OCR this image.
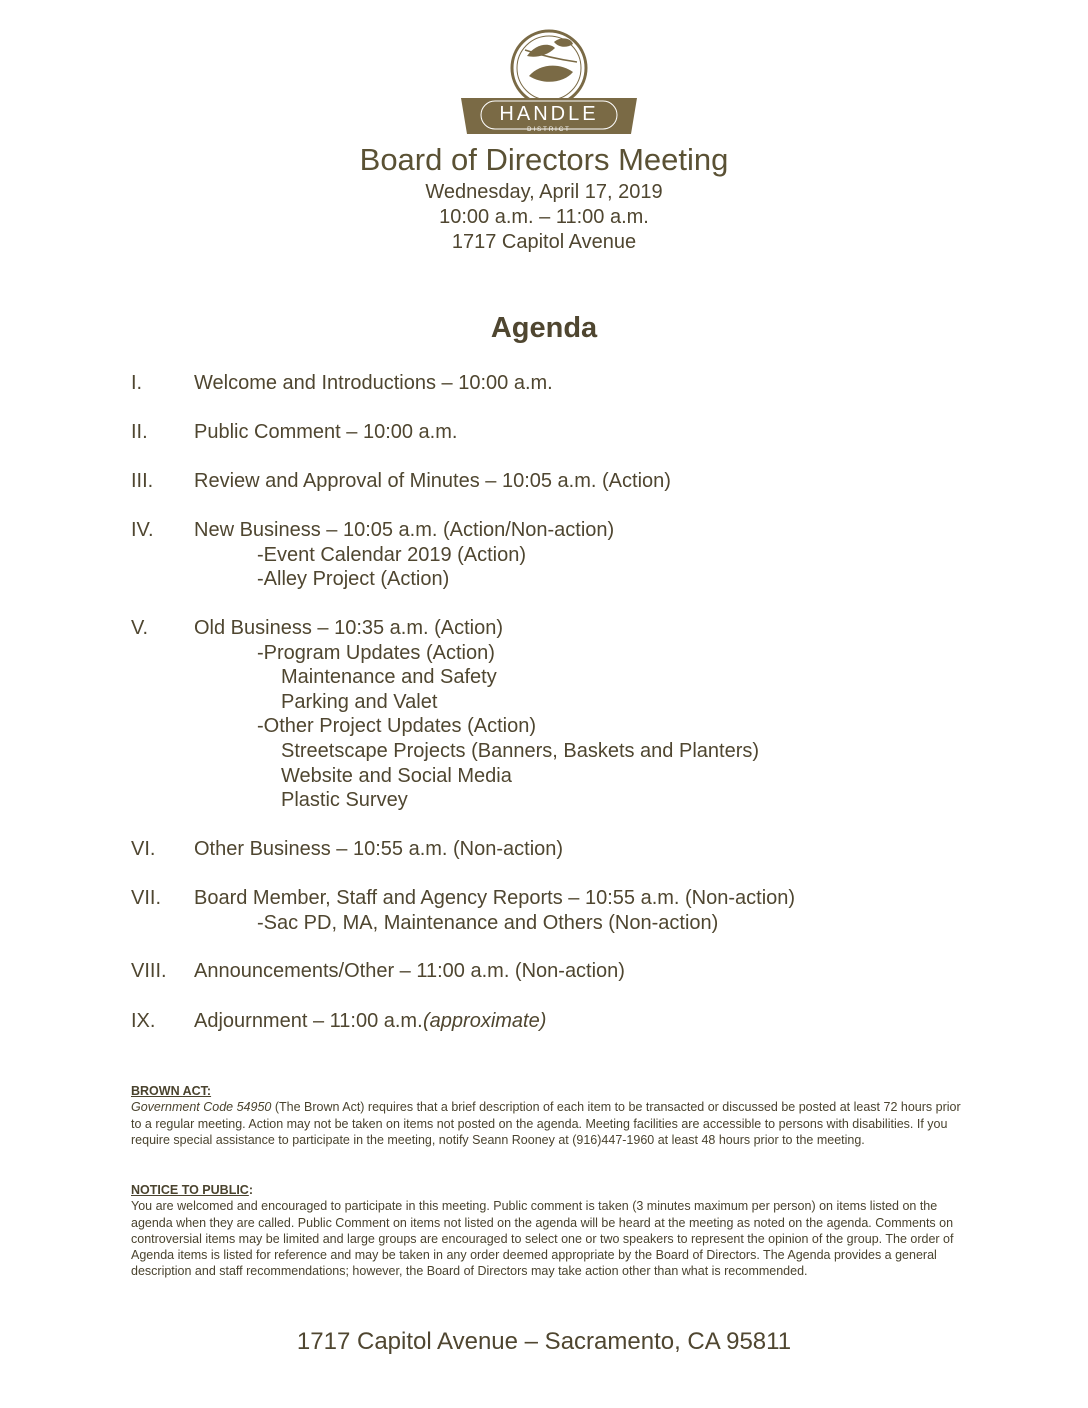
HANDLE
DISTRICT
Board of Directors Meeting
Wednesday, April 17, 2019
10:00 a.m. – 11:00 a.m.
1717 Capitol Avenue
Agenda
I.	Welcome and Introductions – 10:00 a.m.
II. Public Comment – 10:00 a.m.
III. Review and Approval of Minutes – 10:05 a.m. (Action)
IV. New Business – 10:05 a.m. (Action/Non-action)
-Event Calendar 2019 (Action)
-Alley Project (Action)
V. Old Business – 10:35 a.m. (Action)
-Program Updates (Action)
Maintenance and Safety
Parking and Valet
-Other Project Updates (Action)
Streetscape Projects (Banners, Baskets and Planters)
Website and Social Media
Plastic Survey
VI. Other Business – 10:55 a.m. (Non-action)
VII. Board Member, Staff and Agency Reports – 10:55 a.m. (Non-action)
-Sac PD, MA, Maintenance and Others (Non-action)
VIII. Announcements/Other – 11:00 a.m. (Non-action)
IX. Adjournment – 11:00 a.m. (approximate)
BROWN ACT:
Government Code 54950 (The Brown Act) requires that a brief description of each item to be transacted or discussed be posted at least 72 hours prior to a regular meeting. Action may not be taken on items not posted on the agenda. Meeting facilities are accessible to persons with disabilities. If you require special assistance to participate in the meeting, notify Seann Rooney at (916)447-1960 at least 48 hours prior to the meeting.
NOTICE TO PUBLIC:
You are welcomed and encouraged to participate in this meeting. Public comment is taken (3 minutes maximum per person) on items listed on the agenda when they are called. Public Comment on items not listed on the agenda will be heard at the meeting as noted on the agenda. Comments on controversial items may be limited and large groups are encouraged to select one or two speakers to represent the opinion of the group. The order of Agenda items is listed for reference and may be taken in any order deemed appropriate by the Board of Directors. The Agenda provides a general description and staff recommendations; however, the Board of Directors may take action other than what is recommended.
1717 Capitol Avenue – Sacramento, CA 95811
